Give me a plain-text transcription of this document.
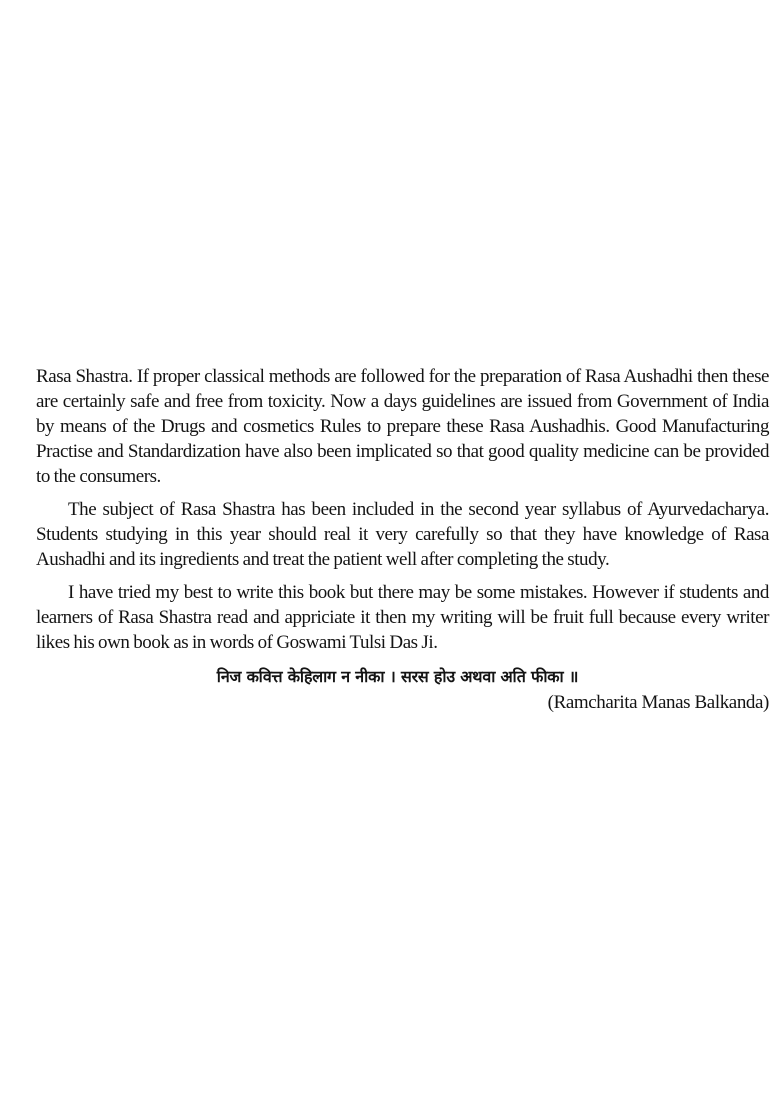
Rasa Shastra. If proper classical methods are followed for the preparation of Rasa Aushadhi then these are certainly safe and free from toxicity. Now a days guidelines are issued from Government of India by means of the Drugs and cosmetics Rules to prepare these Rasa Aushadhis. Good Manufacturing Practise and Standardization have also been implicated so that good quality medicine can be provided to the consumers.

The subject of Rasa Shastra has been included in the second year syllabus of Ayurvedacharya. Students studying in this year should real it very carefully so that they have knowledge of Rasa Aushadhi and its ingredients and treat the patient well after completing the study.

I have tried my best to write this book but there may be some mistakes. However if students and learners of Rasa Shastra read and appriciate it then my writing will be fruit full because every writer likes his own book as in words of Goswami Tulsi Das Ji.

निज कवित्त केहिलाग न नीका । सरस होउ अथवा अति फीका ॥

(Ramcharita Manas Balkanda)
